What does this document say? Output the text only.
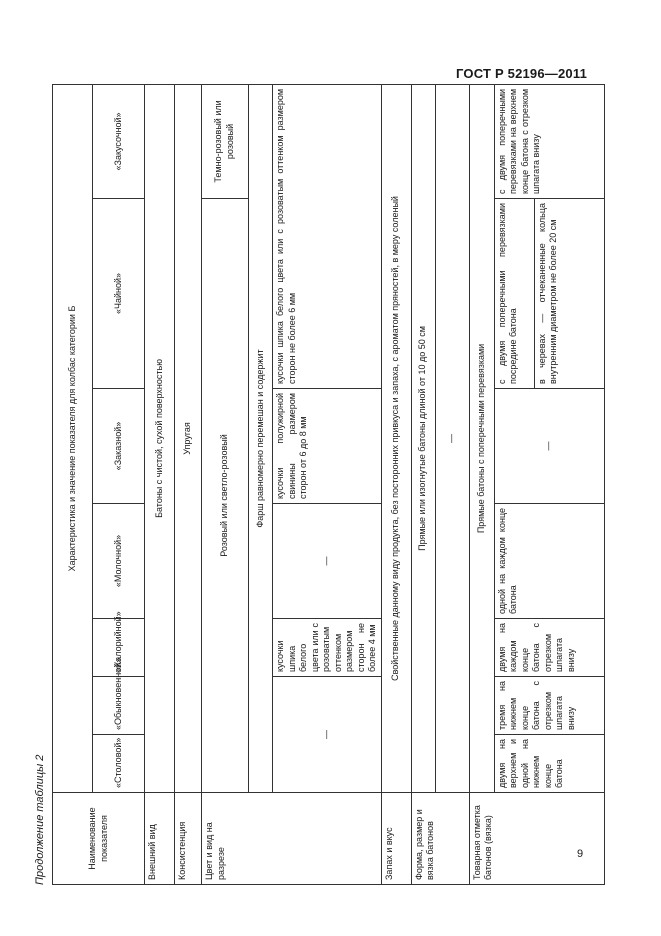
ГОСТ Р 52196—2011
Продолжение таблицы 2	Наименование показателя	Характеристика и значение показателя для колбас категории Б						
	«Столовой»	«Обыкновенной»	«Калорийной»	«Молочной»	«Заказной»	«Чайной»	«Закусочной»
Внешний вид	Батоны с чистой, сухой поверхностью						
Консистенция	Упругая						
Цвет и вид на разрезе	Розовый или светло-розовый						Темно-розовый или розовый
	Фарш равномерно перемешан и содержит						
	—		кусочки шпика белого цвета или с розоватым оттенком размером сторон не более 4 мм	—	кусочки полужирной свинины размером сторон от 6 до 8 мм	кусочки шпика белого цвета или с розоватым оттенком размером сторон не более 6 мм	
Запах и вкус	Свойственные данному виду продукта, без посторонних привкуса и запаха, с ароматом пряностей, в меру соленый						
Форма, размер и вязка батонов	Прямые или изогнутые батоны длиной от 10 до 50 см						
	—						
Товарная отметка батонов (вязка)	Прямые батоны с поперечными перевязками						
	двумя на верхнем и одной на нижнем конце батона	тремя на нижнем конце батона с отрезком шпагата внизу	двумя на каждом конце батона с отрезком шпагата внизу	одной на каждом конце батона	—	с двумя поперечными перевязками посредине батона	с двумя поперечными перевязками на верхнем конце батона с отрезком шпагата внизу
						в черевах — отчеканенные кольца внутренним диаметром не более 20 см	
9
